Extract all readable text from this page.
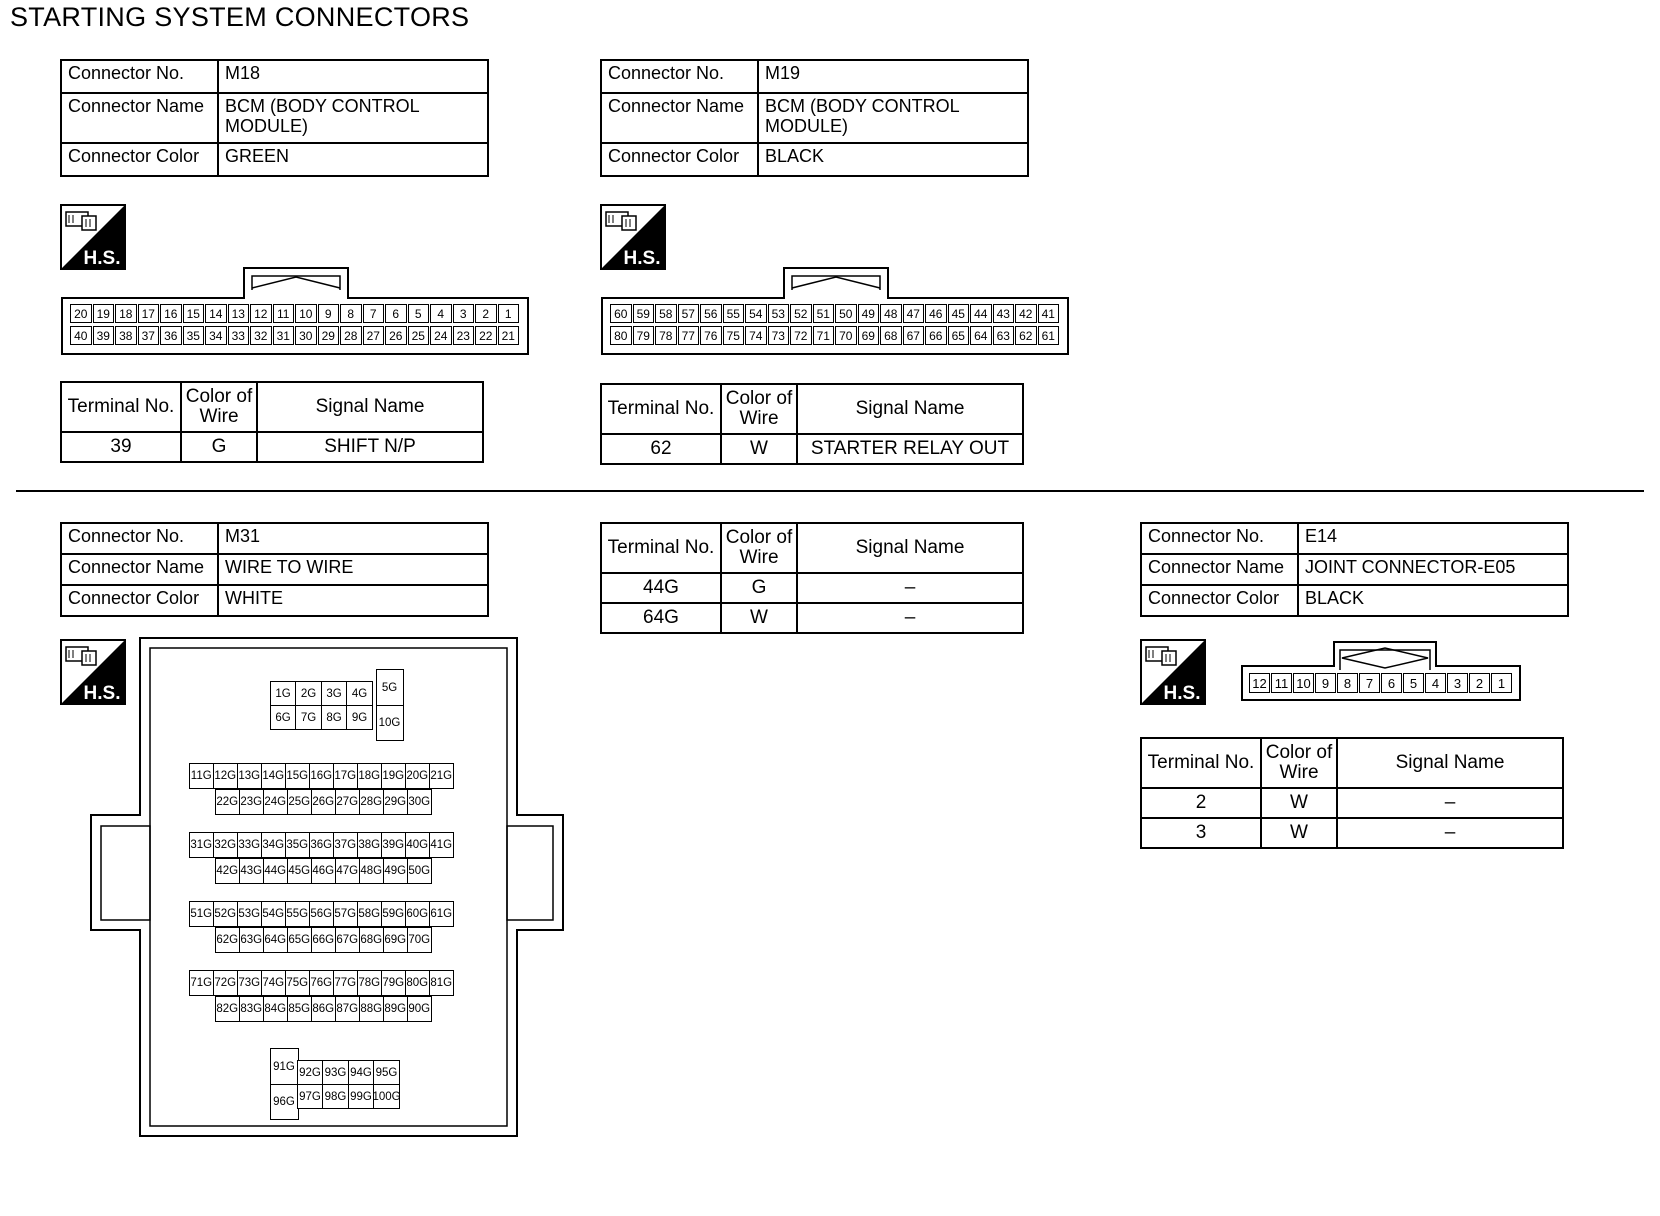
STARTING SYSTEM CONNECTORS
Connector No.	M18
Connector Name	BCM (BODY CONTROL MODULE)
Connector Color	GREEN
H.S.
20 19 18 17 16 15 14 13 12 11 10	9	8	7	6	5	4	3	2	1
40 39 38 37 36 35 34 33 32 31 30 29 28 27 26 25 24 23 22 21
Terminal No.	Color of Wire	Signal Name
39	G	SHIFT N/P
Connector No.	M19
Connector Name	BCM (BODY CONTROL MODULE)
Connector Color	BLACK
H.S.
60 59 58 57 56 55 54 53 52 51 50 49 48 47 46 45 44 43 42 41
80 79 78 77 76 75 74 73 72 71 70 69 68 67 66 65 64 63 62 61
Terminal No.	Color of Wire	Signal Name
62	W	STARTER RELAY OUT
Connector No.	M31
Connector Name	WIRE TO WIRE
Connector Color	WHITE
H.S.	1G 2G 3G 4G
6G 7G 8G 9G
5G
10G
11G 12G 13G 14G 15G 16G 17G 18G 19G 20G 21G
22G 23G 24G 25G 26G 27G 28G 29G 30G
31G 32G 33G 34G 35G 36G 37G 38G 39G 40G 41G
42G 43G 44G 45G 46G 47G 48G 49G 50G
51G 52G 53G 54G 55G 56G 57G 58G 59G 60G 61G
62G 63G 64G 65G 66G 67G 68G 69G 70G
71G 72G 73G 74G 75G 76G 77G 78G 79G 80G 81G
82G 83G 84G 85G 86G 87G 88G 89G 90G
91G
96G
92G 93G 94G 95G
97G 98G 99G 100G
Terminal No.	Color of Wire	Signal Name
44G	G	–
64G	W	–
Connector No.	E14
Connector Name	JOINT CONNECTOR-E05
Connector Color	BLACK
H.S.	12 11 10 9	8	7	6	5	4	3	2	1
Terminal No.	Color of Wire	Signal Name
2	W	–
3	W	–
